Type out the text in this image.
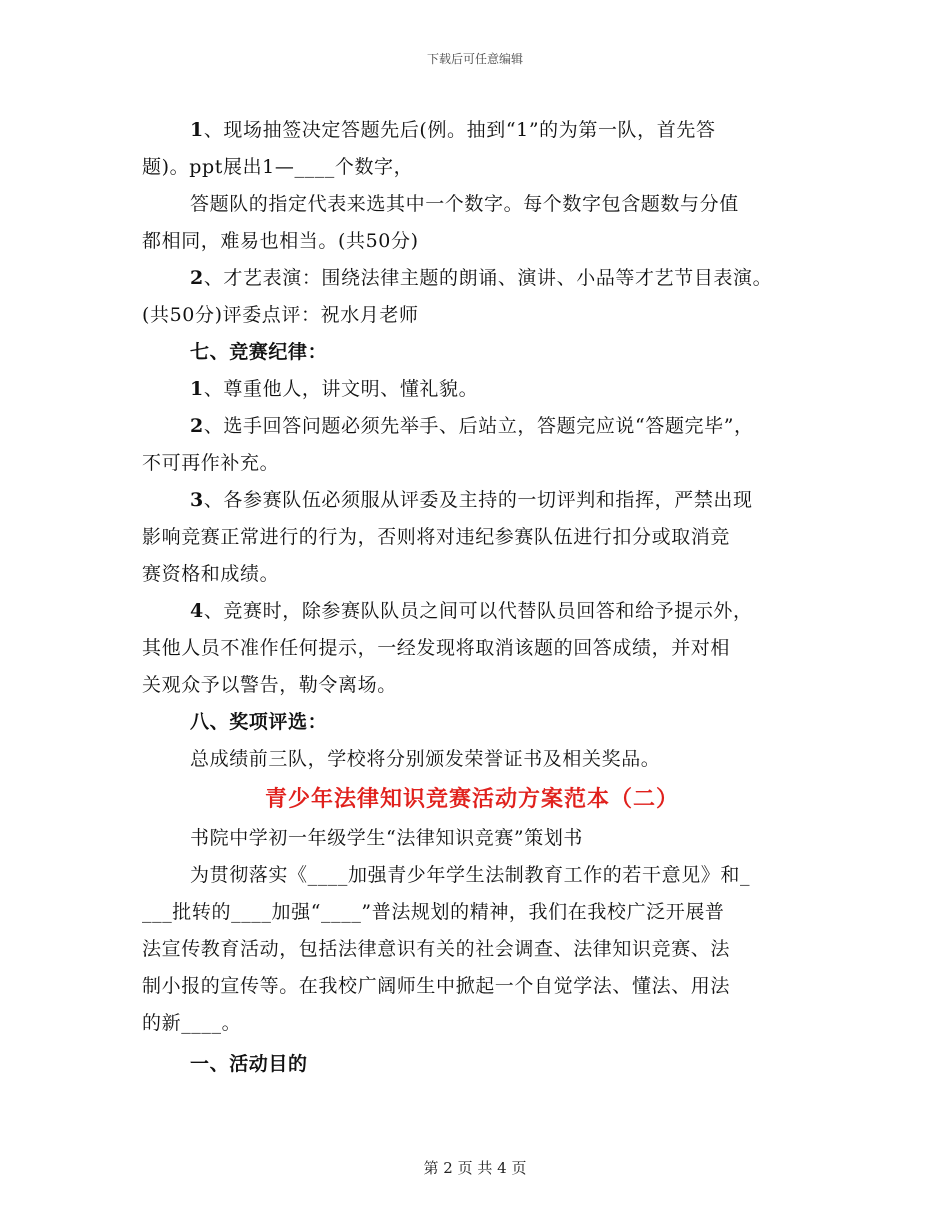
下载后可任意编辑
1、现场抽签决定答题先后(例。抽到“1”的为第一队，首先答
题)。ppt展出1—____个数字，
答题队的指定代表来选其中一个数字。每个数字包含题数与分值
都相同，难易也相当。(共50分)
2、才艺表演：围绕法律主题的朗诵、演讲、小品等才艺节目表演。
(共50分)评委点评：祝水月老师
七、竞赛纪律：
1、尊重他人，讲文明、懂礼貌。
2、选手回答问题必须先举手、后站立，答题完应说“答题完毕”，
不可再作补充。
3、各参赛队伍必须服从评委及主持的一切评判和指挥，严禁出现
影响竞赛正常进行的行为，否则将对违纪参赛队伍进行扣分或取消竞
赛资格和成绩。
4、竞赛时，除参赛队队员之间可以代替队员回答和给予提示外，
其他人员不准作任何提示，一经发现将取消该题的回答成绩，并对相
关观众予以警告，勒令离场。
八、奖项评选：
总成绩前三队，学校将分别颁发荣誉证书及相关奖品。
青少年法律知识竞赛活动方案范本（二）
书院中学初一年级学生“法律知识竞赛”策划书
为贯彻落实《____加强青少年学生法制教育工作的若干意见》和_
___批转的____加强“____”普法规划的精神，我们在我校广泛开展普
法宣传教育活动，包括法律意识有关的社会调查、法律知识竞赛、法
制小报的宣传等。在我校广阔师生中掀起一个自觉学法、懂法、用法
的新____。
一、活动目的
第 2 页 共 4 页
